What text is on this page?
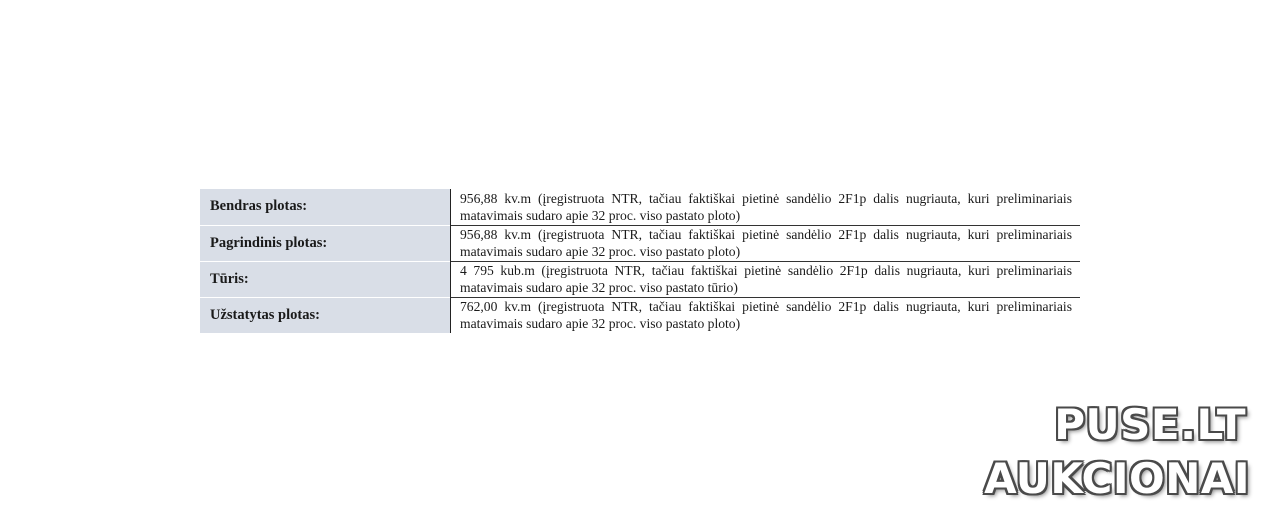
Bendras plotas:	956,88 kv.m (įregistruota NTR, tačiau faktiškai pietinė sandėlio 2F1p dalis nugriauta, kuri preliminariais matavimais sudaro apie 32 proc. viso pastato ploto)
Pagrindinis plotas:	956,88 kv.m (įregistruota NTR, tačiau faktiškai pietinė sandėlio 2F1p dalis nugriauta, kuri preliminariais matavimais sudaro apie 32 proc. viso pastato ploto)
Tūris:	4 795 kub.m (įregistruota NTR, tačiau faktiškai pietinė sandėlio 2F1p dalis nugriauta, kuri preliminariais matavimais sudaro apie 32 proc. viso pastato tūrio)
Užstatytas plotas:	762,00 kv.m (įregistruota NTR, tačiau faktiškai pietinė sandėlio 2F1p dalis nugriauta, kuri preliminariais matavimais sudaro apie 32 proc. viso pastato ploto)
PUSE.LT
AUKCIONAI
